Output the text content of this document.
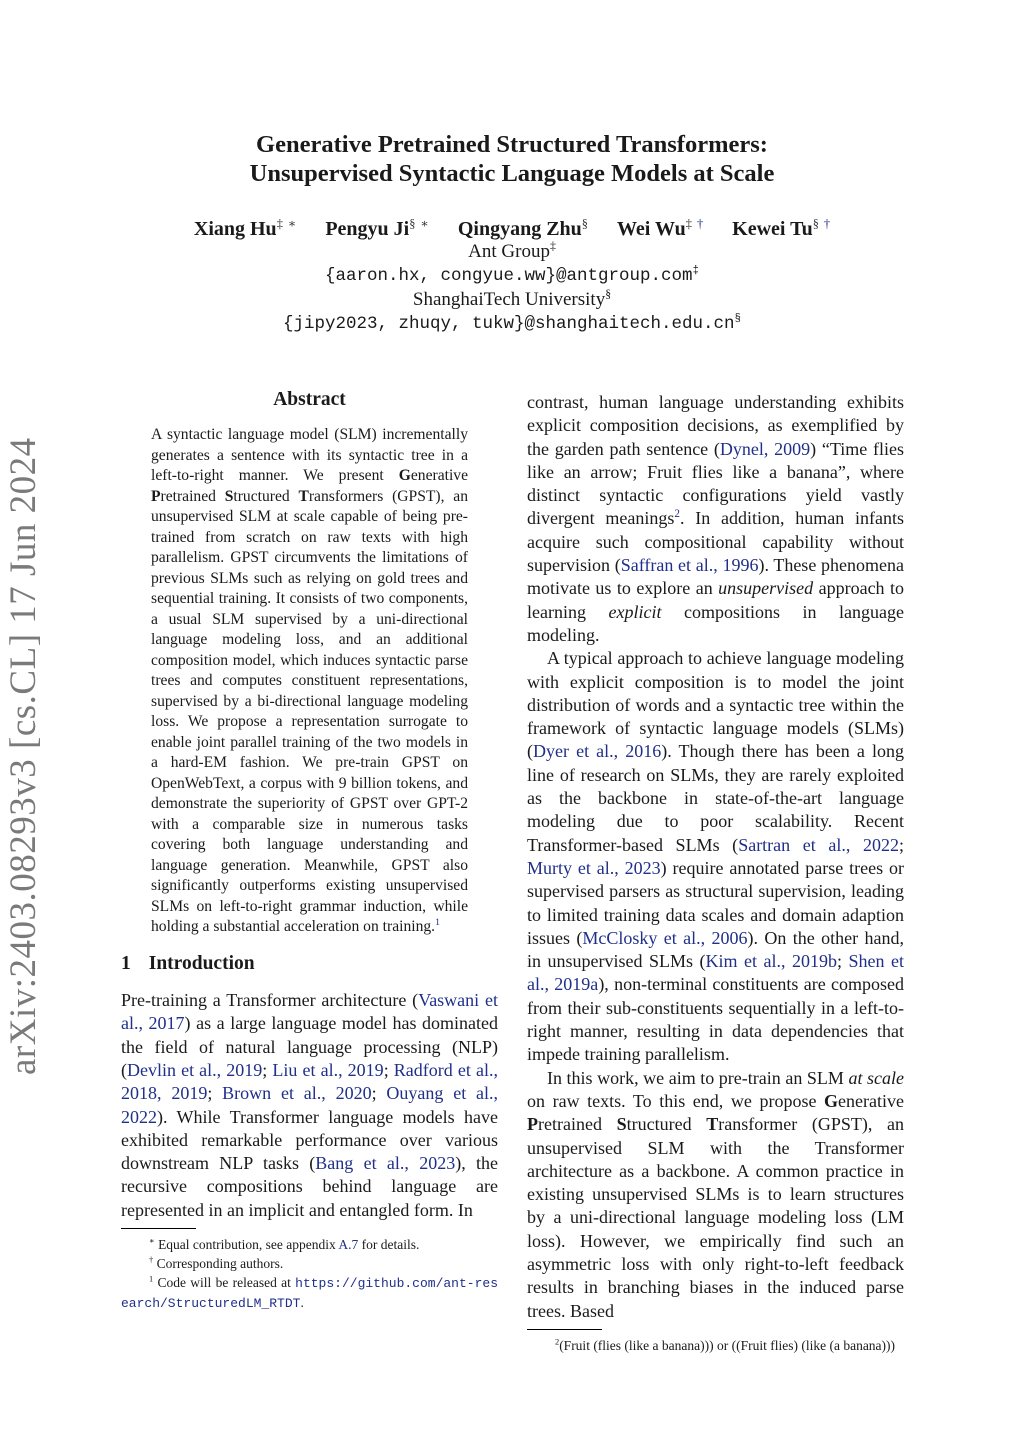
arXiv:2403.08293v3 [cs.CL] 17 Jun 2024
Generative Pretrained Structured Transformers:
Unsupervised Syntactic Language Models at Scale
Xiang Hu‡ ∗ Pengyu Ji§ ∗ Qingyang Zhu§ Wei Wu‡ † Kewei Tu§ †
Ant Group‡
{aaron.hx, congyue.ww}@antgroup.com‡
ShanghaiTech University§
{jipy2023, zhuqy, tukw}@shanghaitech.edu.cn§
Abstract

A syntactic language model (SLM) incrementally generates a sentence with its syntactic tree in a left-to-right manner. We present Generative Pretrained Structured Transformers (GPST), an unsupervised SLM at scale capable of being pre-trained from scratch on raw texts with high parallelism. GPST circumvents the limitations of previous SLMs such as relying on gold trees and sequential training. It consists of two components, a usual SLM supervised by a uni-directional language modeling loss, and an additional composition model, which induces syntactic parse trees and computes constituent representations, supervised by a bi-directional language modeling loss. We propose a representation surrogate to enable joint parallel training of the two models in a hard-EM fashion. We pre-train GPST on OpenWebText, a corpus with 9 billion tokens, and demonstrate the superiority of GPST over GPT-2 with a comparable size in numerous tasks covering both language understanding and language generation. Meanwhile, GPST also significantly outperforms existing unsupervised SLMs on left-to-right grammar induction, while holding a substantial acceleration on training.$^1$

1 Introduction

Pre-training a Transformer architecture (Vaswani et al., 2017) as a large language model has dominated the field of natural language processing (NLP) (Devlin et al., 2019; Liu et al., 2019; Radford et al., 2018, 2019; Brown et al., 2020; Ouyang et al., 2022). While Transformer language models have exhibited remarkable performance over various downstream NLP tasks (Bang et al., 2023), the recursive compositions behind language are represented in an implicit and entangled form. In

∗ Equal contribution, see appendix A.7 for details.

† Corresponding authors.

$^1$ Code will be released at https://github.com/ant-research/StructuredLM_RTDT.

contrast, human language understanding exhibits explicit composition decisions, as exemplified by the garden path sentence (Dynel, 2009) “Time flies like an arrow; Fruit flies like a banana”, where distinct syntactic configurations yield vastly divergent meanings$^2$. In addition, human infants acquire such compositional capability without supervision (Saffran et al., 1996). These phenomena motivate us to explore an unsupervised approach to learning explicit compositions in language modeling.

A typical approach to achieve language modeling with explicit composition is to model the joint distribution of words and a syntactic tree within the framework of syntactic language models (SLMs) (Dyer et al., 2016). Though there has been a long line of research on SLMs, they are rarely exploited as the backbone in state-of-the-art language modeling due to poor scalability. Recent Transformer-based SLMs (Sartran et al., 2022; Murty et al., 2023) require annotated parse trees or supervised parsers as structural supervision, leading to limited training data scales and domain adaption issues (McClosky et al., 2006). On the other hand, in unsupervised SLMs (Kim et al., 2019b; Shen et al., 2019a), non-terminal constituents are composed from their sub-constituents sequentially in a left-to-right manner, resulting in data dependencies that impede training parallelism.

In this work, we aim to pre-train an SLM at scale on raw texts. To this end, we propose Generative Pretrained Structured Transformer (GPST), an unsupervised SLM with the Transformer architecture as a backbone. A common practice in existing unsupervised SLMs is to learn structures by a uni-directional language modeling loss (LM loss). However, we empirically find such an asymmetric loss with only right-to-left feedback results in branching biases in the induced parse trees. Based

$^2$(Fruit (flies (like a banana))) or ((Fruit flies) (like (a banana)))
